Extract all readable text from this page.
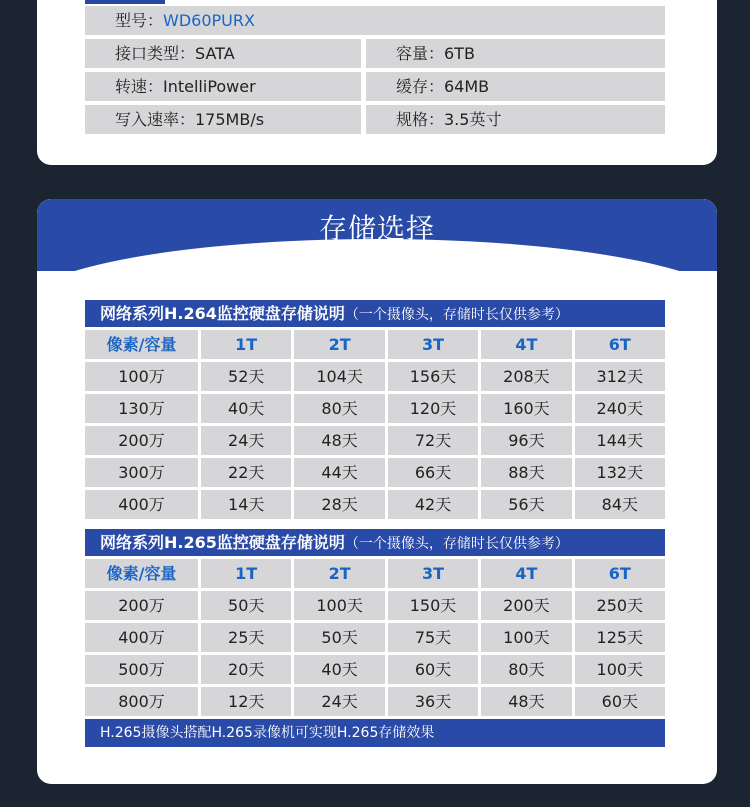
型号：WD60PURX
接口类型：SATA	容量：6TB
转速：IntelliPower	缓存：64MB
写入速率：175MB/s	规格：3.5英寸
存储选择
STORE SELECTION
网络系列H.264监控硬盘存储说明（一个摄像头，存储时长仅供参考）
像素/容量	1T	2T	3T	4T	6T
100万	52天	104天	156天	208天	312天
130万	40天	80天	120天	160天	240天
200万	24天	48天	72天	96天	144天
300万	22天	44天	66天	88天	132天
400万	14天	28天	42天	56天	84天
网络系列H.265监控硬盘存储说明（一个摄像头，存储时长仅供参考）
像素/容量	1T	2T	3T	4T	6T
200万	50天	100天	150天	200天	250天
400万	25天	50天	75天	100天	125天
500万	20天	40天	60天	80天	100天
800万	12天	24天	36天	48天	60天
H.265摄像头搭配H.265录像机可实现H.265存储效果
